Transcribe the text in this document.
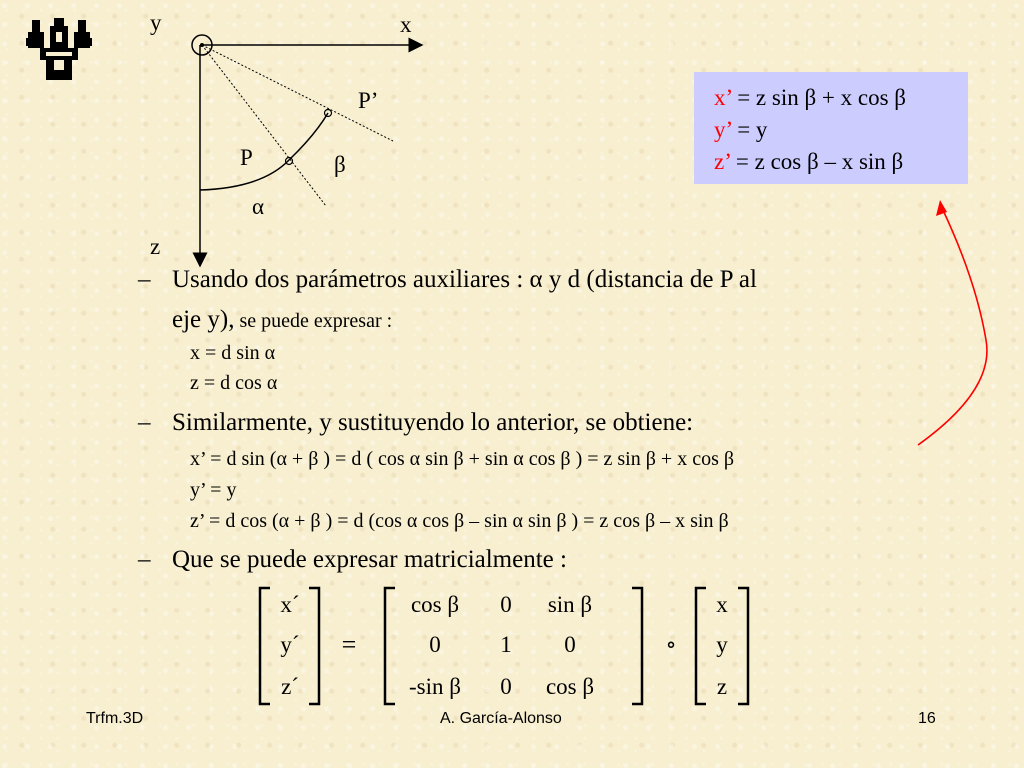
y	x
z
P’
P	β
α
x’ = z sin β + x cos β
y’ = y
z’ = z cos β – x sin β
– Usando dos parámetros auxiliares : α y d (distancia de P al
eje y), se puede expresar :
x = d sin α
z = d cos α
– Similarmente, y sustituyendo lo anterior, se obtiene:
x’ = d sin (α + β ) = d ( cos α sin β + sin α cos β ) = z sin β + x cos β
y’ = y
z’ = d cos (α + β ) = d (cos α cos β – sin α sin β ) = z cos β – x sin β
– Que se puede expresar matricialmente :
x´
y´
z´
=
cos β	0	sin β
0	1	0
-sin β	0	cos β
∘
x
y
z
Trfm.3D	A. García-Alonso	16
